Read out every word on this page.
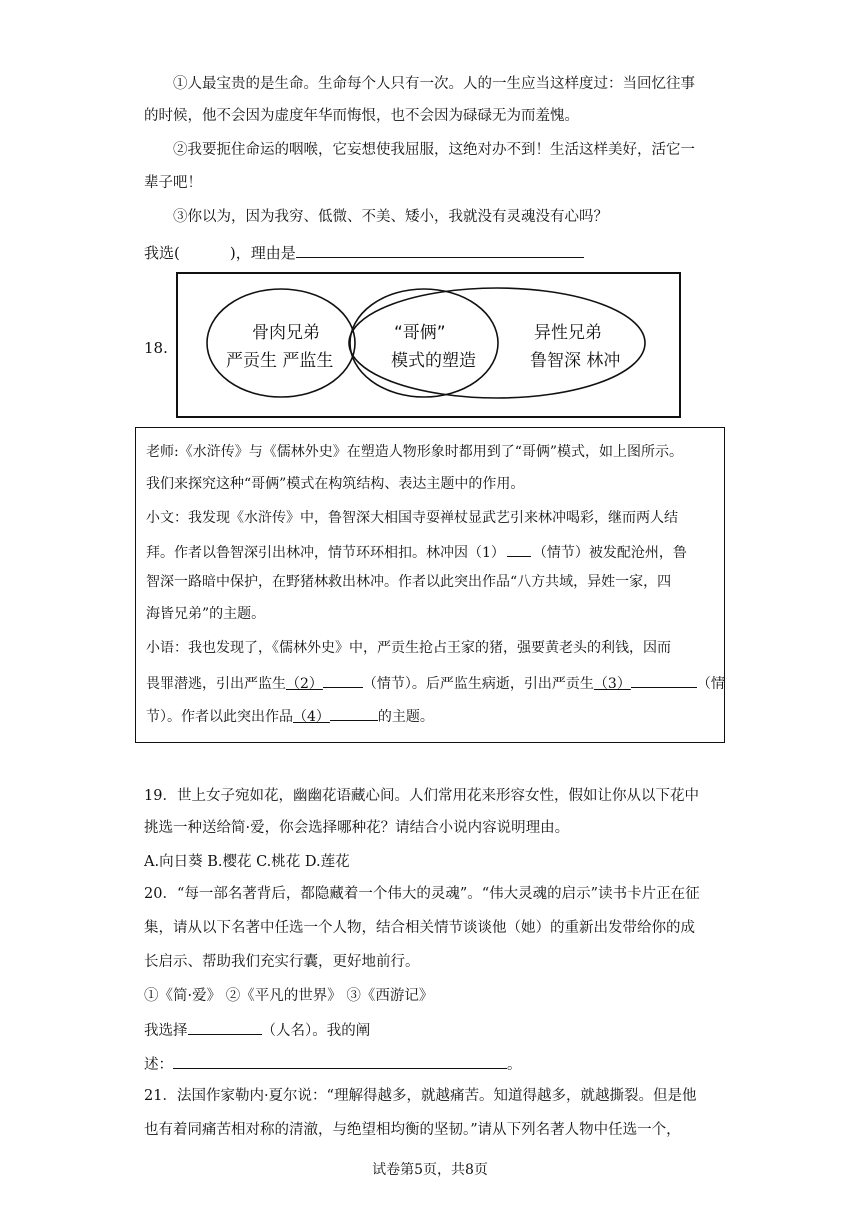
①人最宝贵的是生命。生命每个人只有一次。人的一生应当这样度过：当回忆往事
的时候，他不会因为虚度年华而悔恨，也不会因为碌碌无为而羞愧。
②我要扼住命运的咽喉，它妄想使我屈服，这绝对办不到！生活这样美好，活它一
辈子吧！
③你以为，因为我穷、低微、不美、矮小，我就没有灵魂没有心吗？
我选(	)，理由是
18.
骨肉兄弟
严贡生 严监生
“哥俩”
模式的塑造
异性兄弟
鲁智深 林冲
老师:《水浒传》与《儒林外史》在塑造人物形象时都用到了“哥俩”模式，如上图所示。
我们来探究这种“哥俩”模式在构筑结构、表达主题中的作用。
小文：我发现《水浒传》中，鲁智深大相国寺耍禅杖显武艺引来林冲喝彩，继而两人结
拜。作者以鲁智深引出林冲，情节环环相扣。林冲因（1） （情节）被发配沧州，鲁
智深一路暗中保护，在野猪林救出林冲。作者以此突出作品“八方共域，异姓一家，四
海皆兄弟”的主题。
小语：我也发现了，《儒林外史》中，严贡生抢占王家的猪，强要黄老头的利钱，因而
畏罪潜逃，引出严监生（2）	（情节）。后严监生病逝，引出严贡生（3）	（情
节）。作者以此突出作品（4）	的主题。
19．世上女子宛如花，幽幽花语藏心间。人们常用花来形容女性，假如让你从以下花中
挑选一种送给简·爱，你会选择哪种花？请结合小说内容说明理由。
A.向日葵 B.樱花 C.桃花 D.莲花
20．“每一部名著背后，都隐藏着一个伟大的灵魂”。“伟大灵魂的启示”读书卡片正在征
集，请从以下名著中任选一个人物，结合相关情节谈谈他（她）的重新出发带给你的成
长启示、帮助我们充实行囊，更好地前行。
①《简·爱》 ②《平凡的世界》 ③《西游记》
我选择	（人名）。我的阐
述：	。
21．法国作家勒内·夏尔说：“理解得越多，就越痛苦。知道得越多，就越撕裂。但是他
也有着同痛苦相对称的清澈，与绝望相均衡的坚韧。”请从下列名著人物中任选一个，
试卷第5页，共8页
